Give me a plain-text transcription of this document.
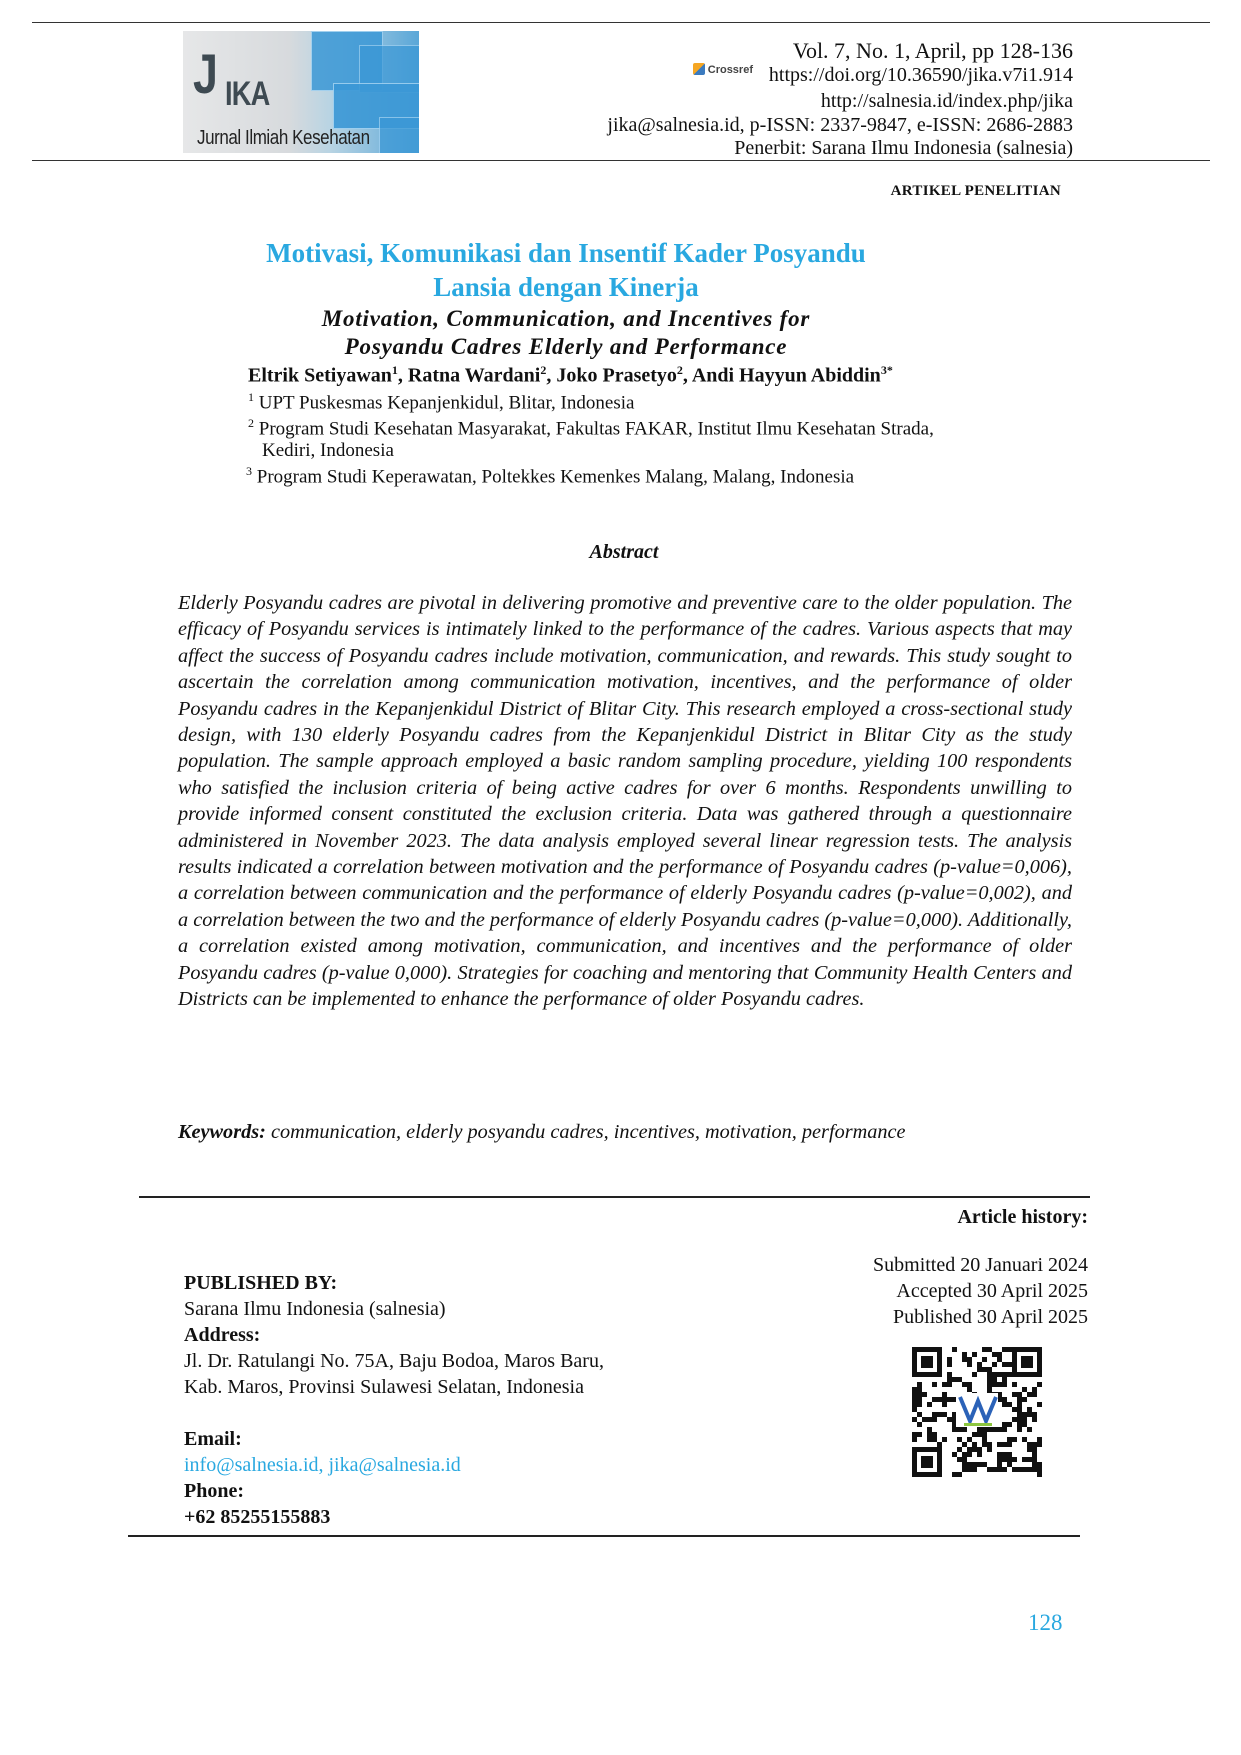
J IKA
Jurnal Ilmiah Kesehatan
Vol. 7, No. 1, April, pp 128-136
Crossref https://doi.org/10.36590/jika.v7i1.914
http://salnesia.id/index.php/jika
jika@salnesia.id, p-ISSN: 2337-9847, e-ISSN: 2686-2883
Penerbit: Sarana Ilmu Indonesia (salnesia)
ARTIKEL PENELITIAN
Motivasi, Komunikasi dan Insentif Kader Posyandu
Lansia dengan Kinerja
Motivation, Communication, and Incentives for
Posyandu Cadres Elderly and Performance
Eltrik Setiyawan$^1$, Ratna Wardani$^2$, Joko Prasetyo$^2$, Andi Hayyun Abiddin$^{3*}$
$^1$ UPT Puskesmas Kepanjenkidul, Blitar, Indonesia
$^2$ Program Studi Kesehatan Masyarakat, Fakultas FAKAR, Institut Ilmu Kesehatan Strada,
Kediri, Indonesia
$^3$ Program Studi Keperawatan, Poltekkes Kemenkes Malang, Malang, Indonesia
Abstract
Elderly Posyandu cadres are pivotal in delivering promotive and preventive care to the older population. The efficacy of Posyandu services is intimately linked to the performance of the cadres. Various aspects that may affect the success of Posyandu cadres include motivation, communication, and rewards. This study sought to ascertain the correlation among communication motivation, incentives, and the performance of older Posyandu cadres in the Kepanjenkidul District of Blitar City. This research employed a cross-sectional study design, with 130 elderly Posyandu cadres from the Kepanjenkidul District in Blitar City as the study population. The sample approach employed a basic random sampling procedure, yielding 100 respondents who satisfied the inclusion criteria of being active cadres for over 6 months. Respondents unwilling to provide informed consent constituted the exclusion criteria. Data was gathered through a questionnaire administered in November 2023. The data analysis employed several linear regression tests. The analysis results indicated a correlation between motivation and the performance of Posyandu cadres (p-value=0,006), a correlation between communication and the performance of elderly Posyandu cadres (p-value=0,002), and a correlation between the two and the performance of elderly Posyandu cadres (p-value=0,000). Additionally, a correlation existed among motivation, communication, and incentives and the performance of older Posyandu cadres (p-value 0,000). Strategies for coaching and mentoring that Community Health Centers and Districts can be implemented to enhance the performance of older Posyandu cadres.
Keywords: communication, elderly posyandu cadres, incentives, motivation, performance
Article history:
Submitted 20 Januari 2024
Accepted 30 April 2025
Published 30 April 2025
PUBLISHED BY:
Sarana Ilmu Indonesia (salnesia)
Address:
Jl. Dr. Ratulangi No. 75A, Baju Bodoa, Maros Baru,
Kab. Maros, Provinsi Sulawesi Selatan, Indonesia
Email:
info@salnesia.id, jika@salnesia.id
Phone:
+62 85255155883
128
